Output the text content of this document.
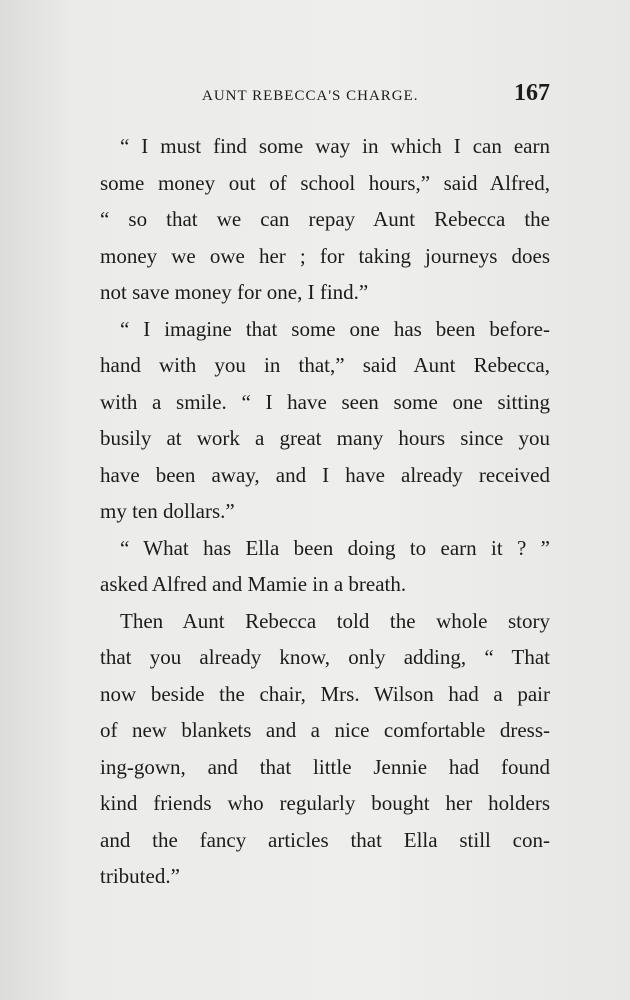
AUNT REBECCA'S CHARGE.	167
“ I must find some way in which I can earn
some money out of school hours,” said Alfred,
“ so that we can repay Aunt Rebecca the
money we owe her ; for taking journeys does
not save money for one, I find.”
“ I imagine that some one has been before-
hand with you in that,” said Aunt Rebecca,
with a smile. “ I have seen some one sitting
busily at work a great many hours since you
have been away, and I have already received
my ten dollars.”
“ What has Ella been doing to earn it ? ”
asked Alfred and Mamie in a breath.
Then Aunt Rebecca told the whole story
that you already know, only adding, “ That
now beside the chair, Mrs. Wilson had a pair
of new blankets and a nice comfortable dress-
ing-gown, and that little Jennie had found
kind friends who regularly bought her holders
and the fancy articles that Ella still con-
tributed.”
